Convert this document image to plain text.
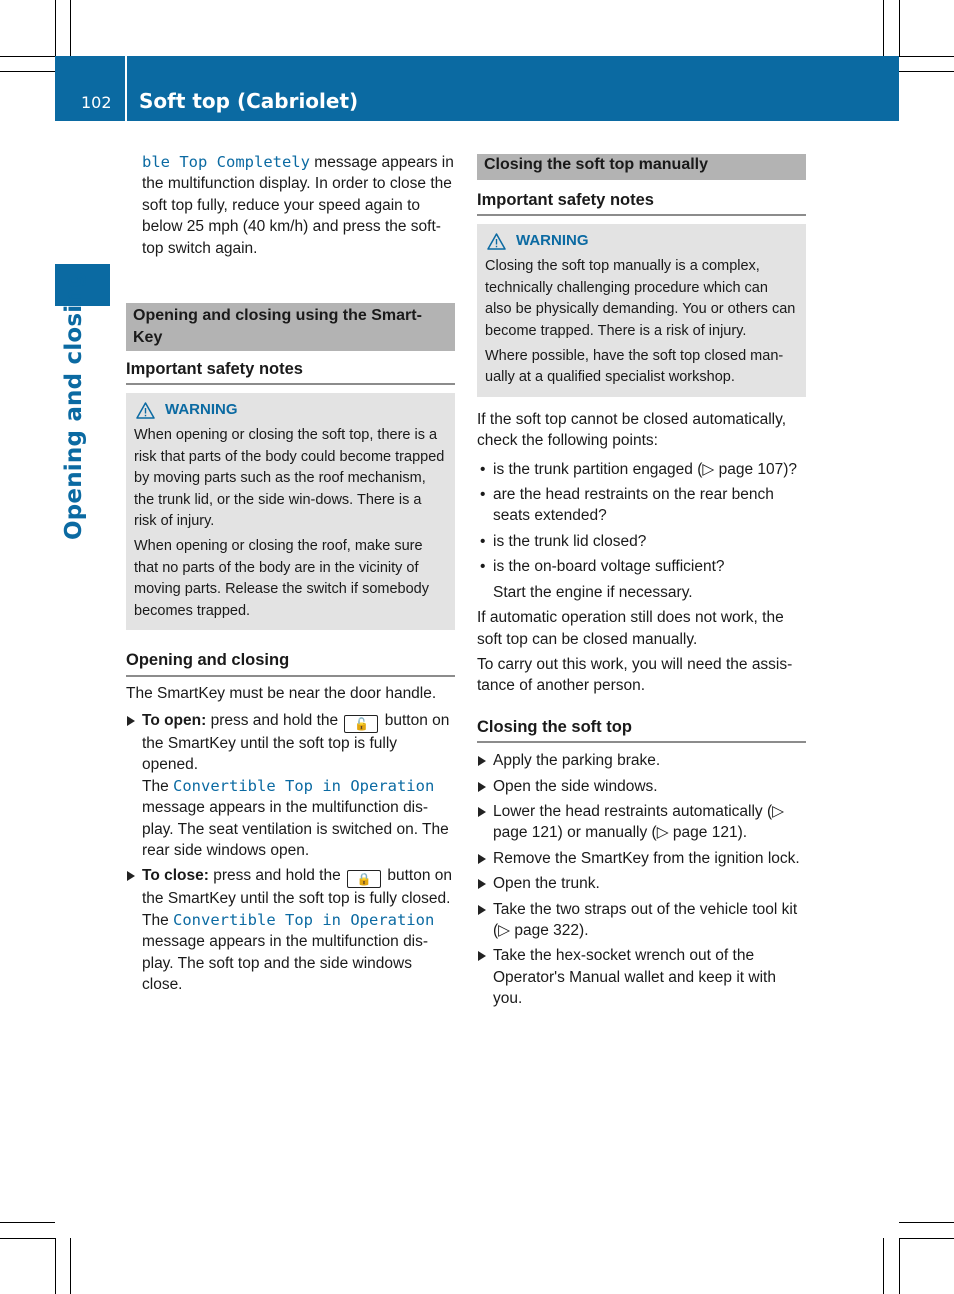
102 Soft top (Cabriolet)
Opening and closing

ble Top Completely message appears in the multifunction display. In order to close the soft top fully, reduce your speed again to below 25 mph (40 km/h) and press the soft-top switch again.

Opening and closing using the Smart-Key
Important safety notes
WARNING

When opening or closing the soft top, there is a risk that parts of the body could become trapped by moving parts such as the roof mechanism, the trunk lid, or the side win-dows. There is a risk of injury.

When opening or closing the roof, make sure that no parts of the body are in the vicinity of moving parts. Release the switch if somebody becomes trapped.

Opening and closing

The SmartKey must be near the door handle.

To open: press and hold the 🔓 button on the SmartKey until the soft top is fully opened.
The Convertible Top in Operation message appears in the multifunction dis-play. The seat ventilation is switched on. The rear side windows open.
To close: press and hold the 🔒 button on the SmartKey until the soft top is fully closed.
The Convertible Top in Operation message appears in the multifunction dis-play. The soft top and the side windows close.
Closing the soft top manually
Important safety notes
WARNING

Closing the soft top manually is a complex, technically challenging procedure which can also be physically demanding. You or others can become trapped. There is a risk of injury.

Where possible, have the soft top closed man-ually at a qualified specialist workshop.

If the soft top cannot be closed automatically, check the following points:

• is the trunk partition engaged (▷ page 107)?
• are the head restraints on the rear bench seats extended?
• is the trunk lid closed?
• is the on-board voltage sufficient?

Start the engine if necessary.

If automatic operation still does not work, the soft top can be closed manually.

To carry out this work, you will need the assis-tance of another person.

Closing the soft top
Apply the parking brake.
Open the side windows.
Lower the head restraints automatically (▷ page 121) or manually (▷ page 121).
Remove the SmartKey from the ignition lock.
Open the trunk.
Take the two straps out of the vehicle tool kit (▷ page 322).
Take the hex-socket wrench out of the Operator's Manual wallet and keep it with you.
